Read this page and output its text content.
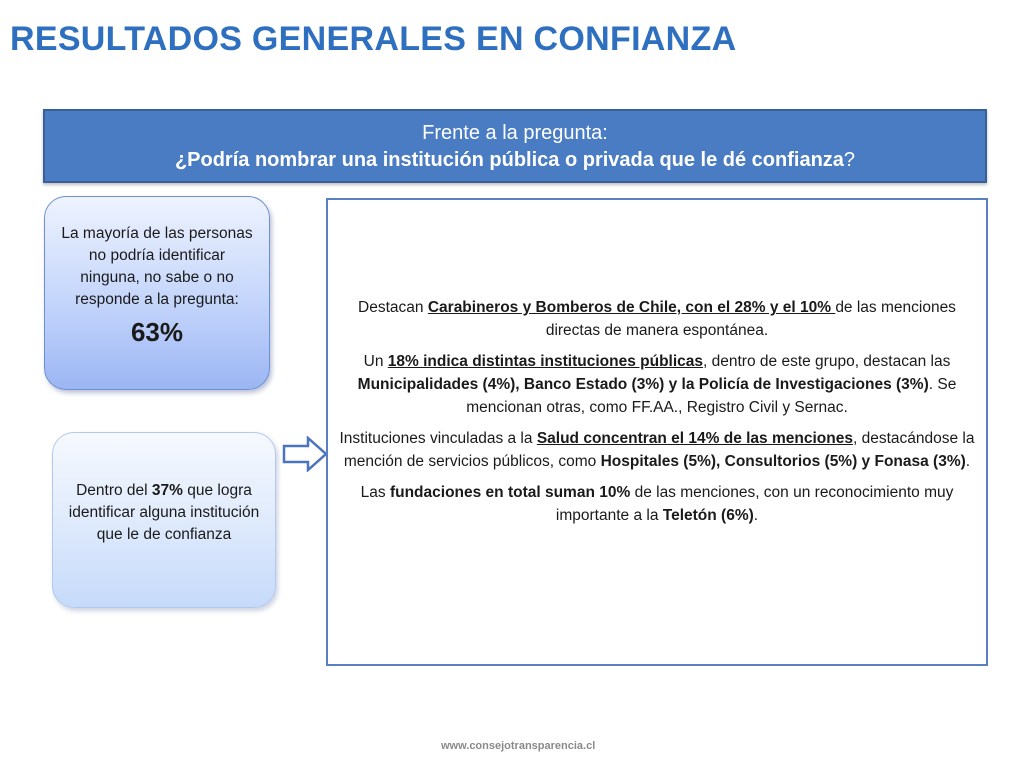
RESULTADOS GENERALES EN CONFIANZA
Frente a la pregunta:
¿Podría nombrar una institución pública o privada que le dé confianza?
La mayoría de las personas no podría identificar ninguna, no sabe o no responde a la pregunta:
63%
Dentro del 37% que logra identificar alguna institución que le de confianza

Destacan Carabineros y Bomberos de Chile, con el 28% y el 10% de las menciones directas de manera espontánea.

Un 18% indica distintas instituciones públicas, dentro de este grupo, destacan las Municipalidades (4%), Banco Estado (3%) y la Policía de Investigaciones (3%). Se mencionan otras, como FF.AA., Registro Civil y Sernac.

Instituciones vinculadas a la Salud concentran el 14% de las menciones, destacándose la mención de servicios públicos, como Hospitales (5%), Consultorios (5%) y Fonasa (3%).

Las fundaciones en total suman 10% de las menciones, con un reconocimiento muy importante a la Teletón (6%).

www.consejotransparencia.cl
